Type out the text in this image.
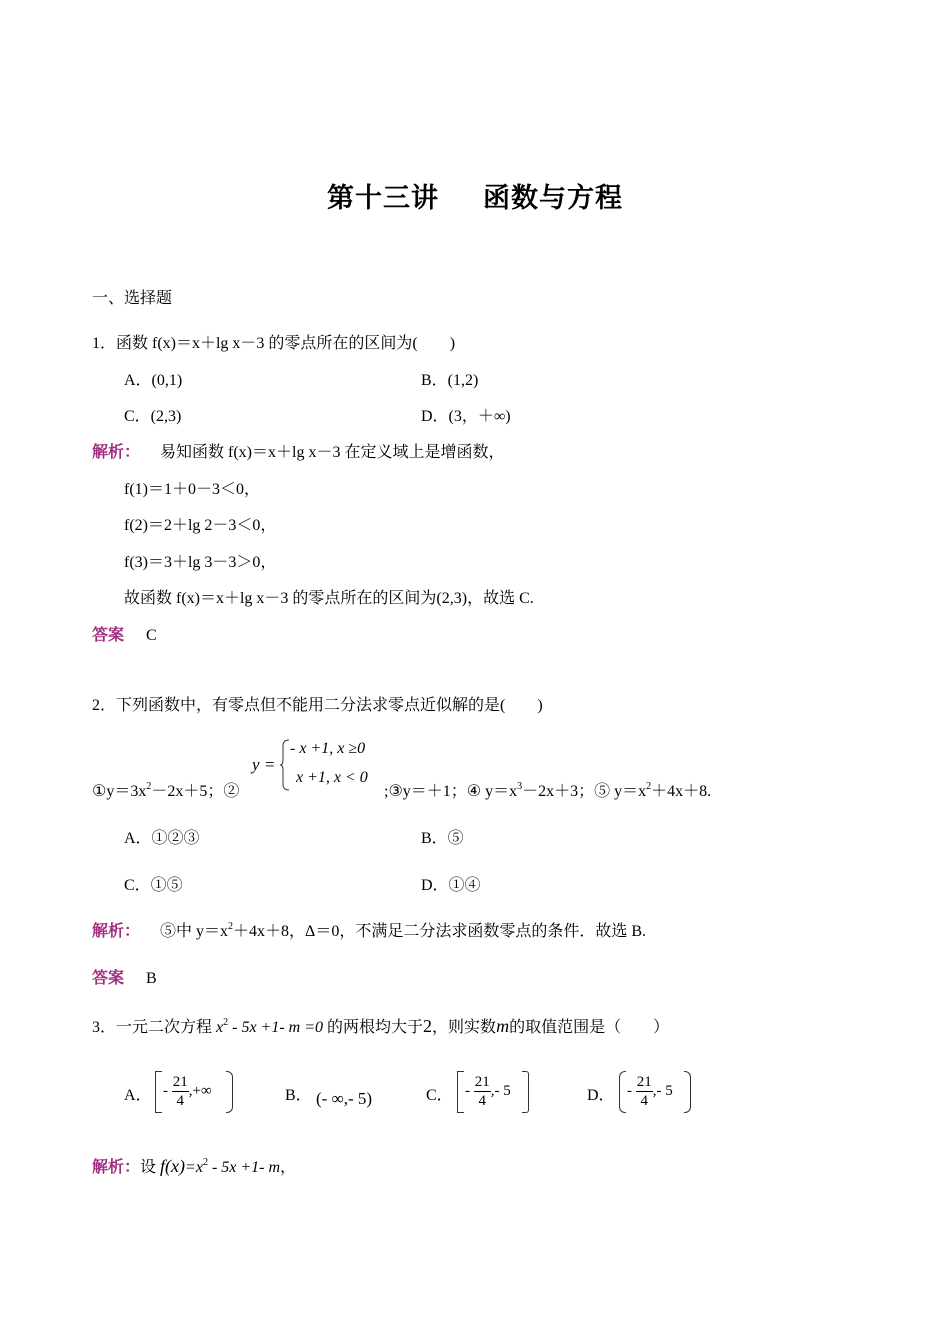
第十三讲 函数与方程
一、选择题
1．函数 f(x)＝x＋lg x－3 的零点所在的区间为(　　)
A．(0,1)	B．(1,2)
C．(2,3)	D．(3，＋∞)
解析： 易知函数 f(x)＝x＋lg x－3 在定义域上是增函数，
f(1)＝1＋0－3＜0，
f(2)＝2＋lg 2－3＜0，
f(3)＝3＋lg 3－3＞0，
故函数 f(x)＝x＋lg x－3 的零点所在的区间为(2,3)，故选 C.
答案 C
2．下列函数中，有零点但不能用二分法求零点近似解的是(　　)
$①y=3x^2-2x+5$；②
y =
- x +1, x ≥0
x +1, x < 0
;③y＝＋1；④ $y=x^3-2x+3$；⑤ $y=x^2+4x+8$.
A．①②③	B．⑤
C．①⑤	D．①④
解析： ⑤中 $y=x^2+4x+8$，Δ＝0，不满足二分法求函数零点的条件．故选 B.
答案 B
3．一元二次方程 $x^2 - 5x +1-$ m =0 的两根均大于2，则实数m的取值范围是（　　）
A． -
$\frac{21}{4}$ ,+∞	B． (- ∞,- 5)	C． -
$\frac{21}{4}$ ,- 5	D． -
$\frac{21}{4}$ ,- 5
解析：设 $f(x)=x^2 - 5x +1-$ m，
